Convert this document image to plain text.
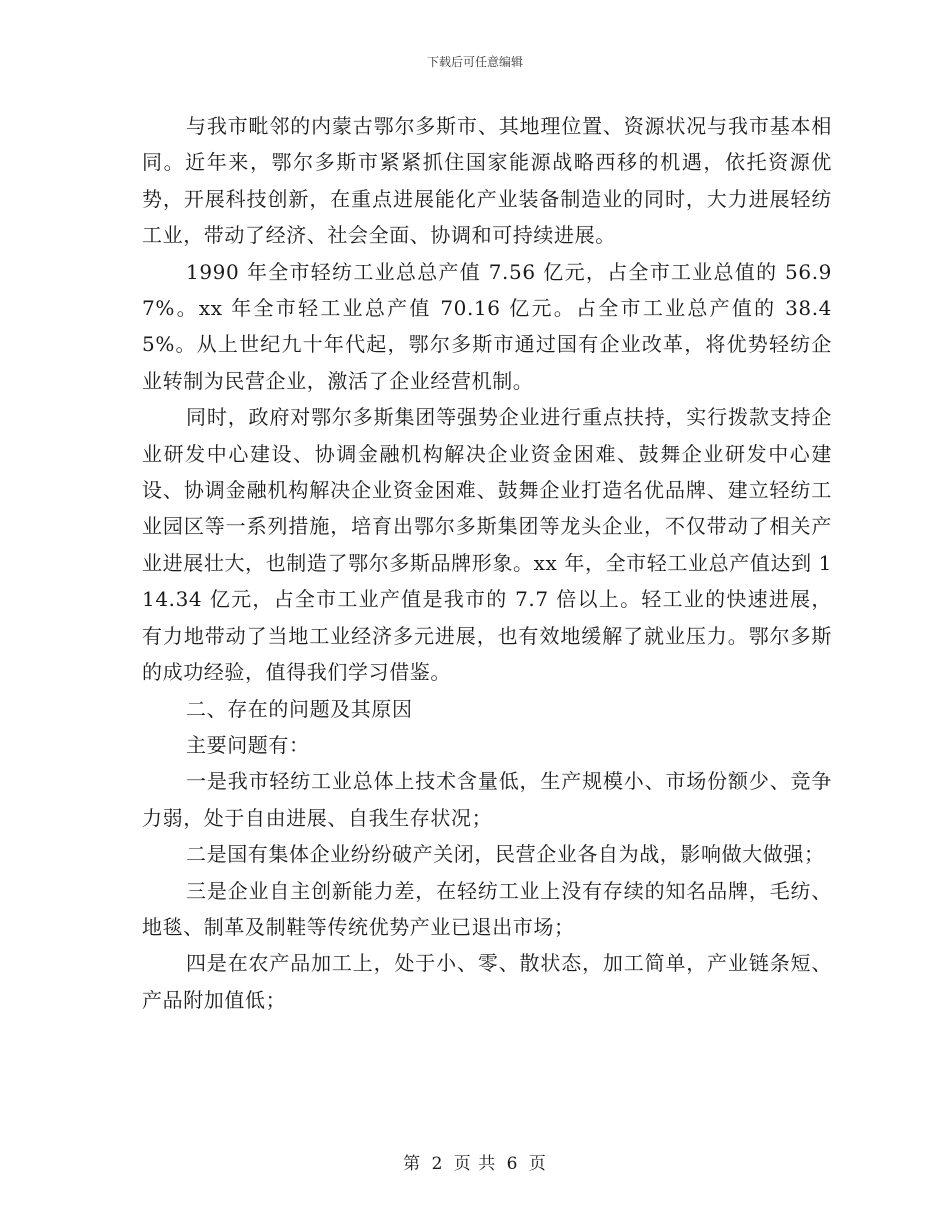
下载后可任意编辑

与我市毗邻的内蒙古鄂尔多斯市、其地理位置、资源状况与我市基本相同。近年来，鄂尔多斯市紧紧抓住国家能源战略西移的机遇，依托资源优势，开展科技创新，在重点进展能化产业装备制造业的同时，大力进展轻纺工业，带动了经济、社会全面、协调和可持续进展。

1990 年全市轻纺工业总总产值 7.56 亿元，占全市工业总值的 56.97%。xx 年全市轻工业总产值 70.16 亿元。占全市工业总产值的 38.45%。从上世纪九十年代起，鄂尔多斯市通过国有企业改革，将优势轻纺企业转制为民营企业，激活了企业经营机制。

同时，政府对鄂尔多斯集团等强势企业进行重点扶持，实行拨款支持企业研发中心建设、协调金融机构解决企业资金困难、鼓舞企业研发中心建设、协调金融机构解决企业资金困难、鼓舞企业打造名优品牌、建立轻纺工业园区等一系列措施，培育出鄂尔多斯集团等龙头企业，不仅带动了相关产业进展壮大，也制造了鄂尔多斯品牌形象。xx 年，全市轻工业总产值达到 114.34 亿元，占全市工业产值是我市的 7.7 倍以上。轻工业的快速进展，有力地带动了当地工业经济多元进展，也有效地缓解了就业压力。鄂尔多斯的成功经验，值得我们学习借鉴。

二、存在的问题及其原因

主要问题有：

一是我市轻纺工业总体上技术含量低，生产规模小、市场份额少、竞争力弱，处于自由进展、自我生存状况；

二是国有集体企业纷纷破产关闭，民营企业各自为战，影响做大做强；

三是企业自主创新能力差，在轻纺工业上没有存续的知名品牌，毛纺、地毯、制革及制鞋等传统优势产业已退出市场；

四是在农产品加工上，处于小、零、散状态，加工简单，产业链条短、产品附加值低；

第 2 页 共 6 页
